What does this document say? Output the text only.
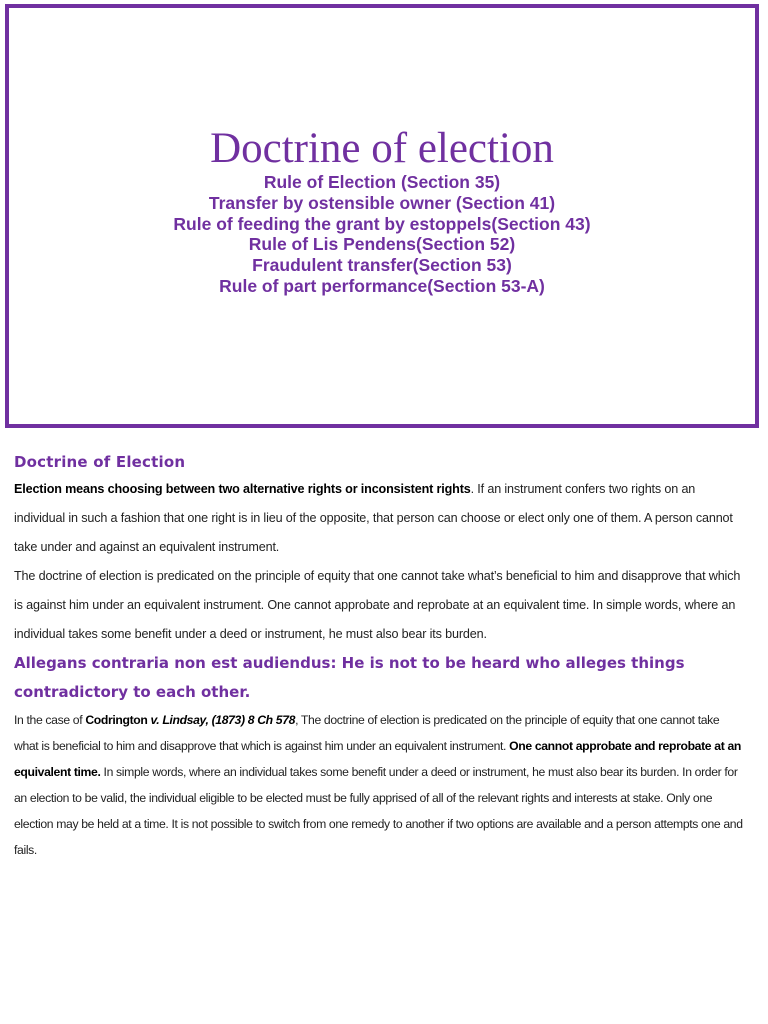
Doctrine of election
Rule of Election (Section 35)
Transfer by ostensible owner (Section 41)
Rule of feeding the grant by estoppels(Section 43)
Rule of Lis Pendens(Section 52)
Fraudulent transfer(Section 53)
Rule of part performance(Section 53-A)
Doctrine of Election

Election means choosing between two alternative rights or inconsistent rights. If an instrument confers two rights on an individual in such a fashion that one right is in lieu of the opposite, that person can choose or elect only one of them. A person cannot take under and against an equivalent instrument.

The doctrine of election is predicated on the principle of equity that one cannot take what’s beneficial to him and disapprove that which is against him under an equivalent instrument. One cannot approbate and reprobate at an equivalent time. In simple words, where an individual takes some benefit under a deed or instrument, he must also bear its burden.

Allegans contraria non est audiendus: He is not to be heard who alleges things contradictory to each other.

In the case of Codrington v. Lindsay, (1873) 8 Ch 578, The doctrine of election is predicated on the principle of equity that one cannot take what is beneficial to him and disapprove that which is against him under an equivalent instrument. One cannot approbate and reprobate at an equivalent time. In simple words, where an individual takes some benefit under a deed or instrument, he must also bear its burden. In order for an election to be valid, the individual eligible to be elected must be fully apprised of all of the relevant rights and interests at stake. Only one election may be held at a time. It is not possible to switch from one remedy to another if two options are available and a person attempts one and fails.
